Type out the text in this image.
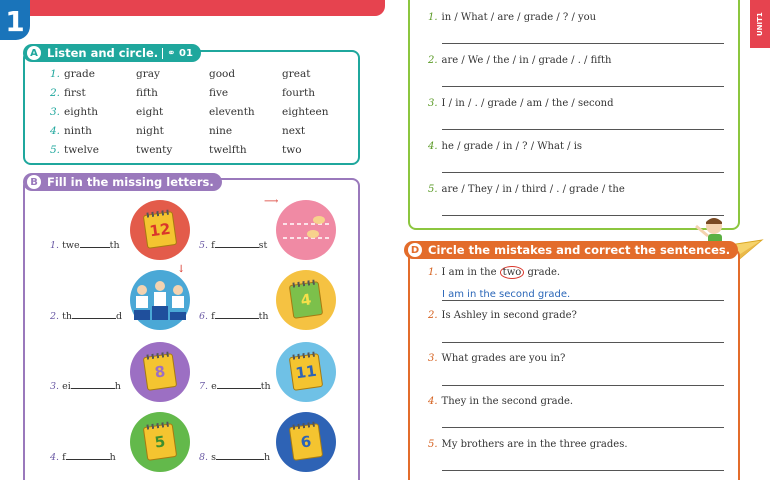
1	UNIT1
A Listen and circle. ⚭ 01
1. grade	gray	good	great
2. first	fifth	five	fourth
3. eighth	eight	eleventh	eighteen
4. ninth	night	nine	next
5. twelve	twenty	twelfth	two
B Fill in the missing letters.
12
1. twe	th
⟶
5. f	st
↓
2. th	d
4
6. f	th
8
3. ei	h
11
7. e	th
5
4. f	h
6
8. s	h
1. in / What / are / grade / ? / you
2. are / We / the / in / grade / . / fifth
3. I / in / . / grade / am / the / second
4. he / grade / in / ? / What / is
5. are / They / in / third / . / grade / the
D Circle the mistakes and correct the sentences.
1. I am in the two grade.
I am in the second grade.
2. Is Ashley in second grade?
3. What grades are you in?
4. They in the second grade.
5. My brothers are in the three grades.
